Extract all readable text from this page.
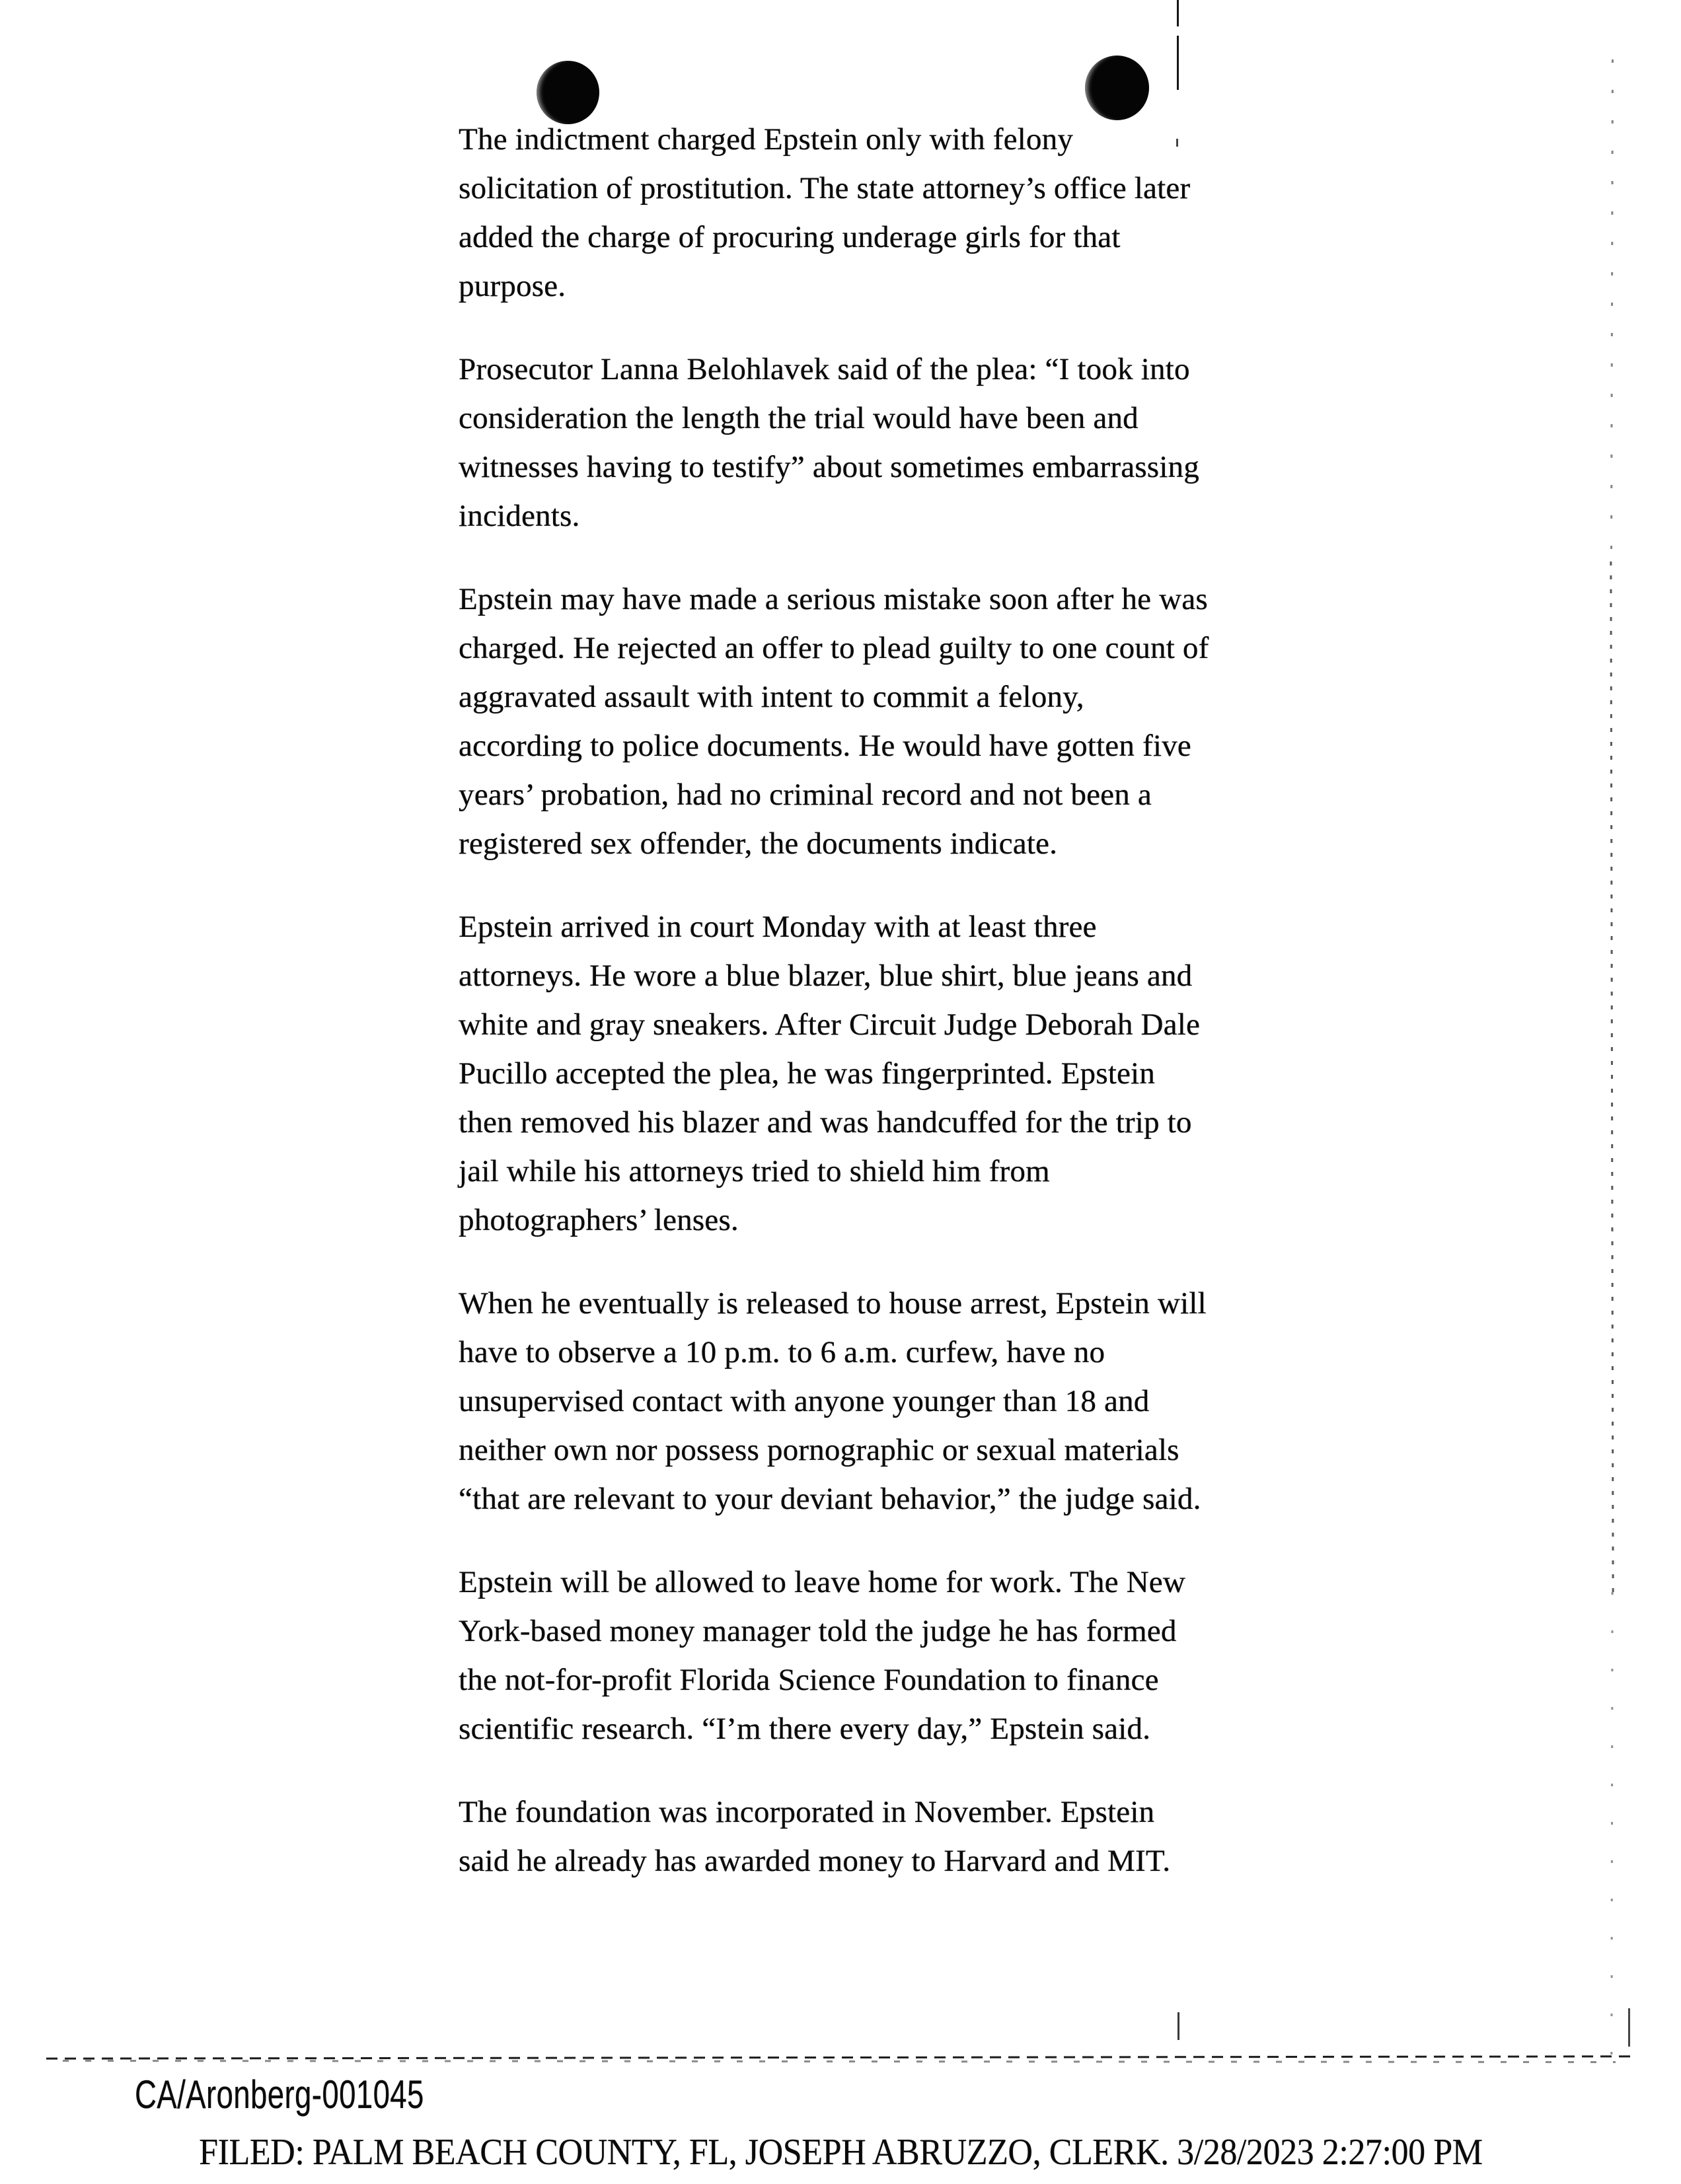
The indictment charged Epstein only with felony
solicitation of prostitution. The state attorney’s office later
added the charge of procuring underage girls for that
purpose.
Prosecutor Lanna Belohlavek said of the plea: “I took into
consideration the length the trial would have been and
witnesses having to testify” about sometimes embarrassing
incidents.
Epstein may have made a serious mistake soon after he was
charged. He rejected an offer to plead guilty to one count of
aggravated assault with intent to commit a felony,
according to police documents. He would have gotten five
years’ probation, had no criminal record and not been a
registered sex offender, the documents indicate.
Epstein arrived in court Monday with at least three
attorneys. He wore a blue blazer, blue shirt, blue jeans and
white and gray sneakers. After Circuit Judge Deborah Dale
Pucillo accepted the plea, he was fingerprinted. Epstein
then removed his blazer and was handcuffed for the trip to
jail while his attorneys tried to shield him from
photographers’ lenses.
When he eventually is released to house arrest, Epstein will
have to observe a 10 p.m. to 6 a.m. curfew, have no
unsupervised contact with anyone younger than 18 and
neither own nor possess pornographic or sexual materials
“that are relevant to your deviant behavior,” the judge said.
Epstein will be allowed to leave home for work. The New
York-based money manager told the judge he has formed
the not-for-profit Florida Science Foundation to finance
scientific research. “I’m there every day,” Epstein said.
The foundation was incorporated in November. Epstein
said he already has awarded money to Harvard and MIT.
CA/Aronberg-001045
FILED: PALM BEACH COUNTY, FL, JOSEPH ABRUZZO, CLERK. 3/28/2023 2:27:00 PM
